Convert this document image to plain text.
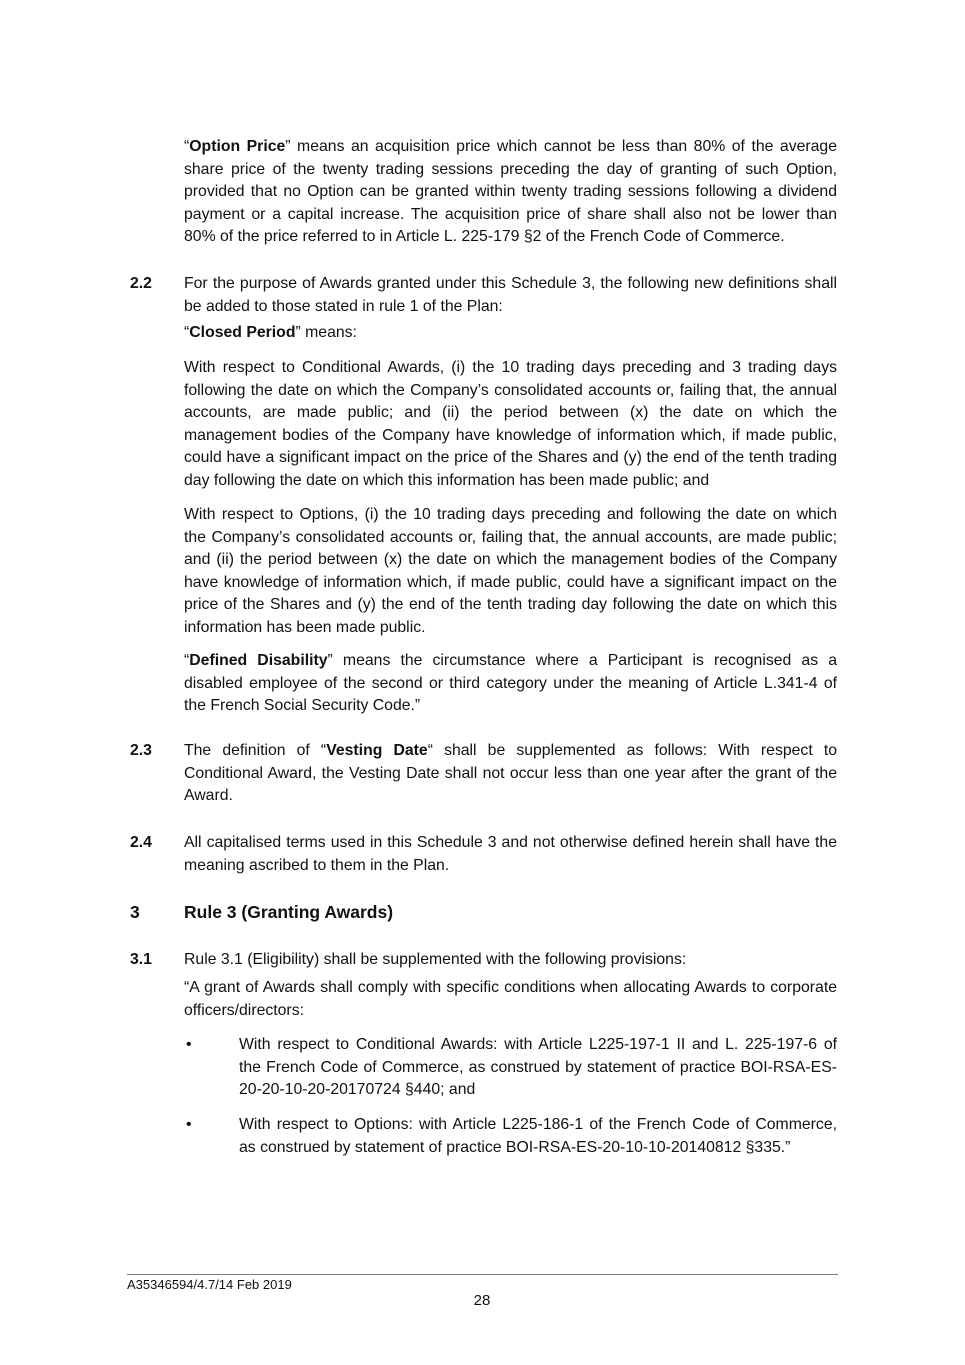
“Option Price” means an acquisition price which cannot be less than 80% of the average
share price of the twenty trading sessions preceding the day of granting of such Option,
provided that no Option can be granted within twenty trading sessions following a dividend
payment or a capital increase. The acquisition price of share shall also not be lower than
80% of the price referred to in Article L. 225-179 §2 of the French Code of Commerce.
2.2 For the purpose of Awards granted under this Schedule 3, the following new definitions shall
be added to those stated in rule 1 of the Plan:
“Closed Period” means:
With respect to Conditional Awards, (i) the 10 trading days preceding and 3 trading days
following the date on which the Company’s consolidated accounts or, failing that, the annual
accounts, are made public; and (ii) the period between (x) the date on which the
management bodies of the Company have knowledge of information which, if made public,
could have a significant impact on the price of the Shares and (y) the end of the tenth trading
day following the date on which this information has been made public; and
With respect to Options, (i) the 10 trading days preceding and following the date on which
the Company’s consolidated accounts or, failing that, the annual accounts, are made public;
and (ii) the period between (x) the date on which the management bodies of the Company
have knowledge of information which, if made public, could have a significant impact on the
price of the Shares and (y) the end of the tenth trading day following the date on which this
information has been made public.
“Defined Disability” means the circumstance where a Participant is recognised as a
disabled employee of the second or third category under the meaning of Article L.341-4 of
the French Social Security Code.”
2.3 The definition of “Vesting Date“ shall be supplemented as follows: With respect to
Conditional Award, the Vesting Date shall not occur less than one year after the grant of the
Award.
2.4 All capitalised terms used in this Schedule 3 and not otherwise defined herein shall have the
meaning ascribed to them in the Plan.
3	Rule 3 (Granting Awards)
3.1 Rule 3.1 (Eligibility) shall be supplemented with the following provisions:
“A grant of Awards shall comply with specific conditions when allocating Awards to corporate
officers/directors:
•	With respect to Conditional Awards: with Article L225-197-1 II and L. 225-197-6 of
the French Code of Commerce, as construed by statement of practice BOI-RSA-ES-
20-20-10-20-20170724 §440; and
•	With respect to Options: with Article L225-186-1 of the French Code of Commerce,
as construed by statement of practice BOI-RSA-ES-20-10-10-20140812 §335.”
A35346594/4.7/14 Feb 2019
28
